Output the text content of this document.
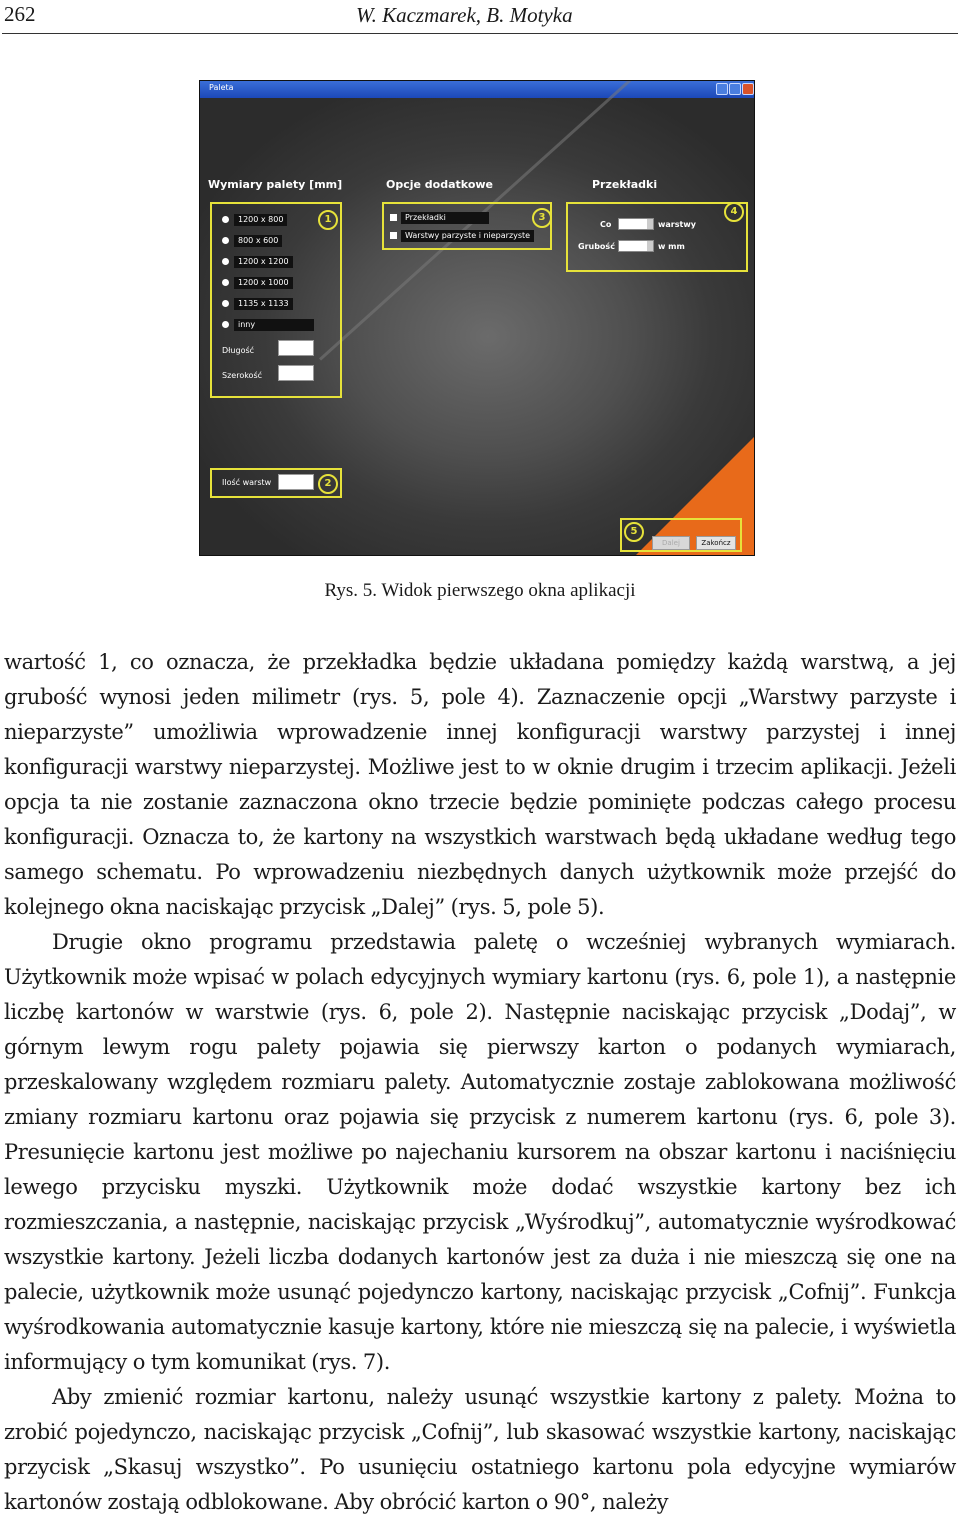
262	W. Kaczmarek, B. Motyka
Paleta
Wymiary palety [mm]
1200 x 800
800 x 600
1200 x 1200
1200 x 1000
1135 x 1133
inny
Długość
Szerokość
1
Ilość warstw	2
Opcje dodatkowe
Przekładki
Warstwy parzyste i nieparzyste
3
Przekładki
Co	warstwy
Grubość	w mm
4
5
Dalej	Zakończ
Rys. 5. Widok pierwszego okna aplikacji

wartość 1, co oznacza, że przekładka będzie układana pomiędzy każdą warstwą, a jej grubość wynosi jeden milimetr (rys. 5, pole 4). Zaznaczenie opcji „Warstwy parzyste i nieparzyste” umożliwia wprowadzenie innej konfiguracji warstwy parzystej i innej konfiguracji warstwy nieparzystej. Możliwe jest to w oknie drugim i trzecim aplikacji. Jeżeli opcja ta nie zostanie zaznaczona okno trzecie będzie pominięte podczas całego procesu konfiguracji. Oznacza to, że kartony na wszystkich warstwach będą układane według tego samego schematu. Po wprowadzeniu niezbędnych danych użytkownik może przejść do kolejnego okna naciskając przycisk „Dalej” (rys. 5, pole 5).

Drugie okno programu przedstawia paletę o wcześniej wybranych wymiarach. Użytkownik może wpisać w polach edycyjnych wymiary kartonu (rys. 6, pole 1), a następnie liczbę kartonów w warstwie (rys. 6, pole 2). Następnie naciskając przycisk „Dodaj”, w górnym lewym rogu palety pojawia się pierwszy karton o podanych wymiarach, przeskalowany względem rozmiaru palety. Automatycznie zostaje zablokowana możliwość zmiany rozmiaru kartonu oraz pojawia się przycisk z numerem kartonu (rys. 6, pole 3). Presunięcie kartonu jest możliwe po najechaniu kursorem na obszar kartonu i naciśnięciu lewego przycisku myszki. Użytkownik może dodać wszystkie kartony bez ich rozmieszczania, a następnie, naciskając przycisk „Wyśrodkuj”, automatycznie wyśrodkować wszystkie kartony. Jeżeli liczba dodanych kartonów jest za duża i nie mieszczą się one na palecie, użytkownik może usunąć pojedynczo kartony, naciskając przycisk „Cofnij”. Funkcja wyśrodkowania automatycznie kasuje kartony, które nie mieszczą się na palecie, i wyświetla informujący o tym komunikat (rys. 7).

Aby zmienić rozmiar kartonu, należy usunąć wszystkie kartony z palety. Można to zrobić pojedynczo, naciskając przycisk „Cofnij”, lub skasować wszystkie kartony, naciskając przycisk „Skasuj wszystko”. Po usunięciu ostatniego kartonu pola edycyjne wymiarów kartonów zostają odblokowane. Aby obrócić karton o 90°, należy
